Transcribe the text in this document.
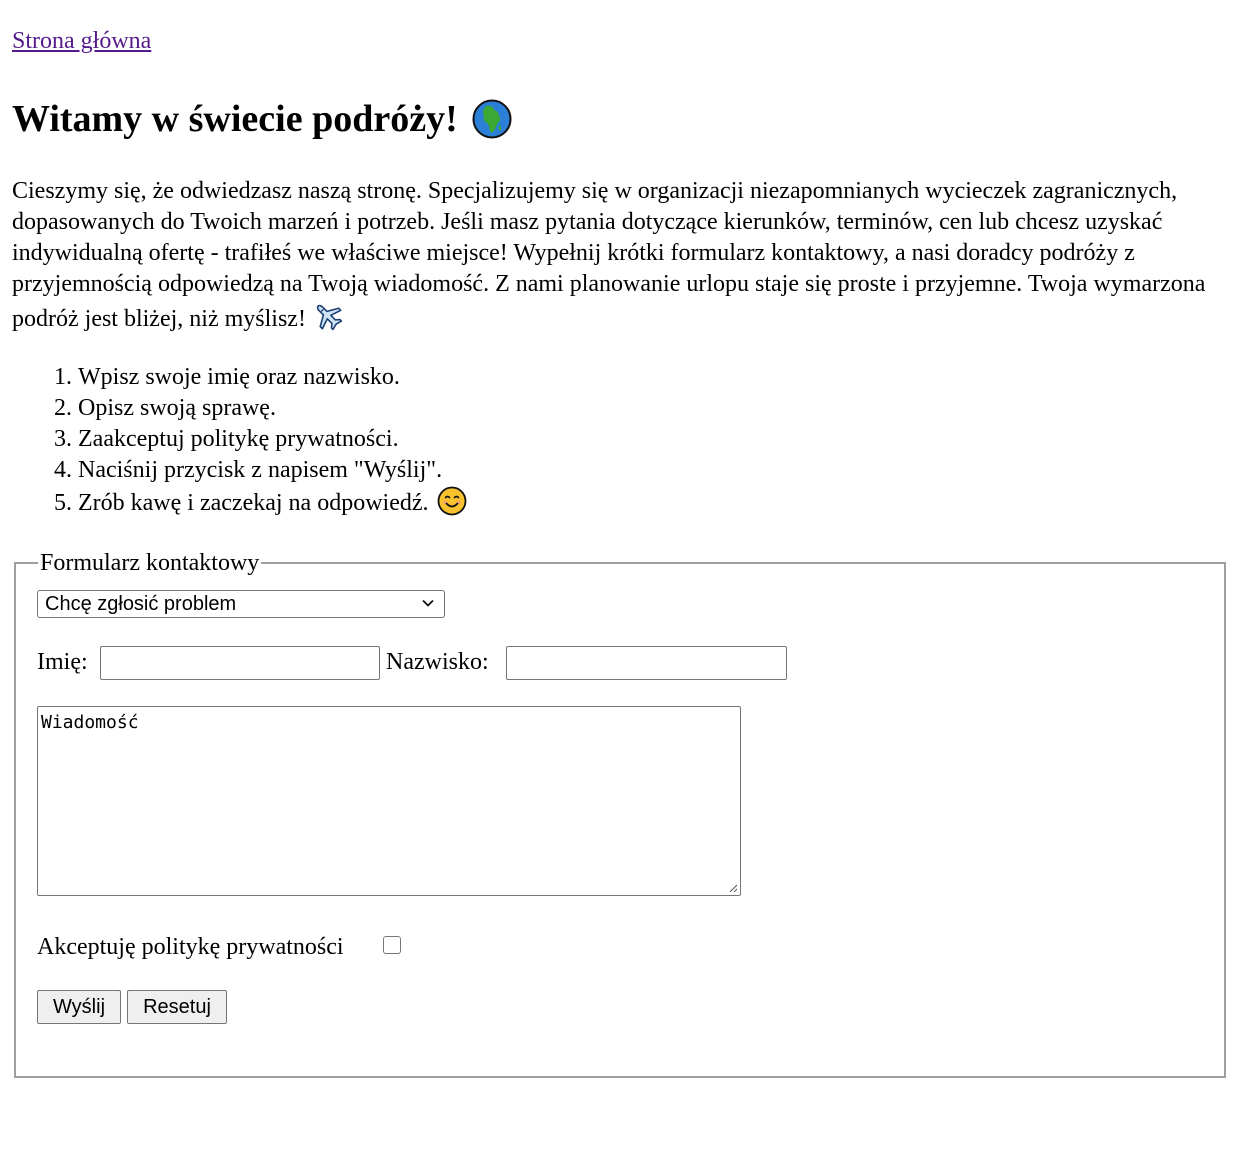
Strona główna
Witamy w świecie podróży!

Cieszymy się, że odwiedzasz naszą stronę. Specjalizujemy się w organizacji niezapomnianych wycieczek zagranicznych, dopasowanych do Twoich marzeń i potrzeb. Jeśli masz pytania dotyczące kierunków, terminów, cen lub chcesz uzyskać indywidualną ofertę - trafiłeś we właściwe miejsce! Wypełnij krótki formularz kontaktowy, a nasi doradcy podróży z przyjemnością odpowiedzą na Twoją wiadomość. Z nami planowanie urlopu staje się proste i przyjemne. Twoja wymarzona podróż jest bliżej, niż myślisz!

1. Wpisz swoje imię oraz nazwisko.
2. Opisz swoją sprawę.
3. Zaakceptuj politykę prywatności.
4. Naciśnij przycisk z napisem "Wyślij".
5. Zrób kawę i zaczekaj na odpowiedź.
Formularz kontaktowy
Chcę zgłosić problem
Imię:	Nazwisko:
Wiadomość
Akceptuję politykę prywatności
Wyślij	Resetuj
